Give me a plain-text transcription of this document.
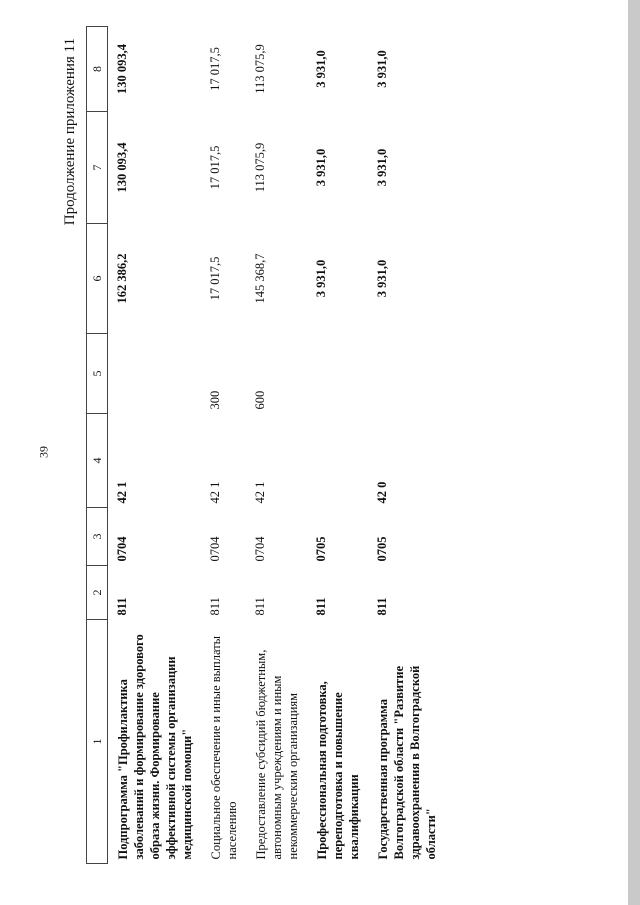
39
Продолжение приложения 11
1	2	3	4	5	6	7	8
Подпрограмма "Профилактика заболеваний и формирование здорового образа жизни. Формирование эффективной системы организации медицинской помощи"	811	0704	42 1		162 386,2	130 093,4	130 093,4
Социальное обеспечение и иные выплаты населению	811	0704	42 1	300	17 017,5	17 017,5	17 017,5
Предоставление субсидий бюджетным, автономным учреждениям и иным некоммерческим организациям	811	0704	42 1	600	145 368,7	113 075,9	113 075,9
Профессиональная подготовка, переподготовка и повышение квалификации	811	0705			3 931,0	3 931,0	3 931,0
Государственная программа Волгоградской области "Развитие здравоохранения в Волгоградской области"	811	0705	42 0		3 931,0	3 931,0	3 931,0
